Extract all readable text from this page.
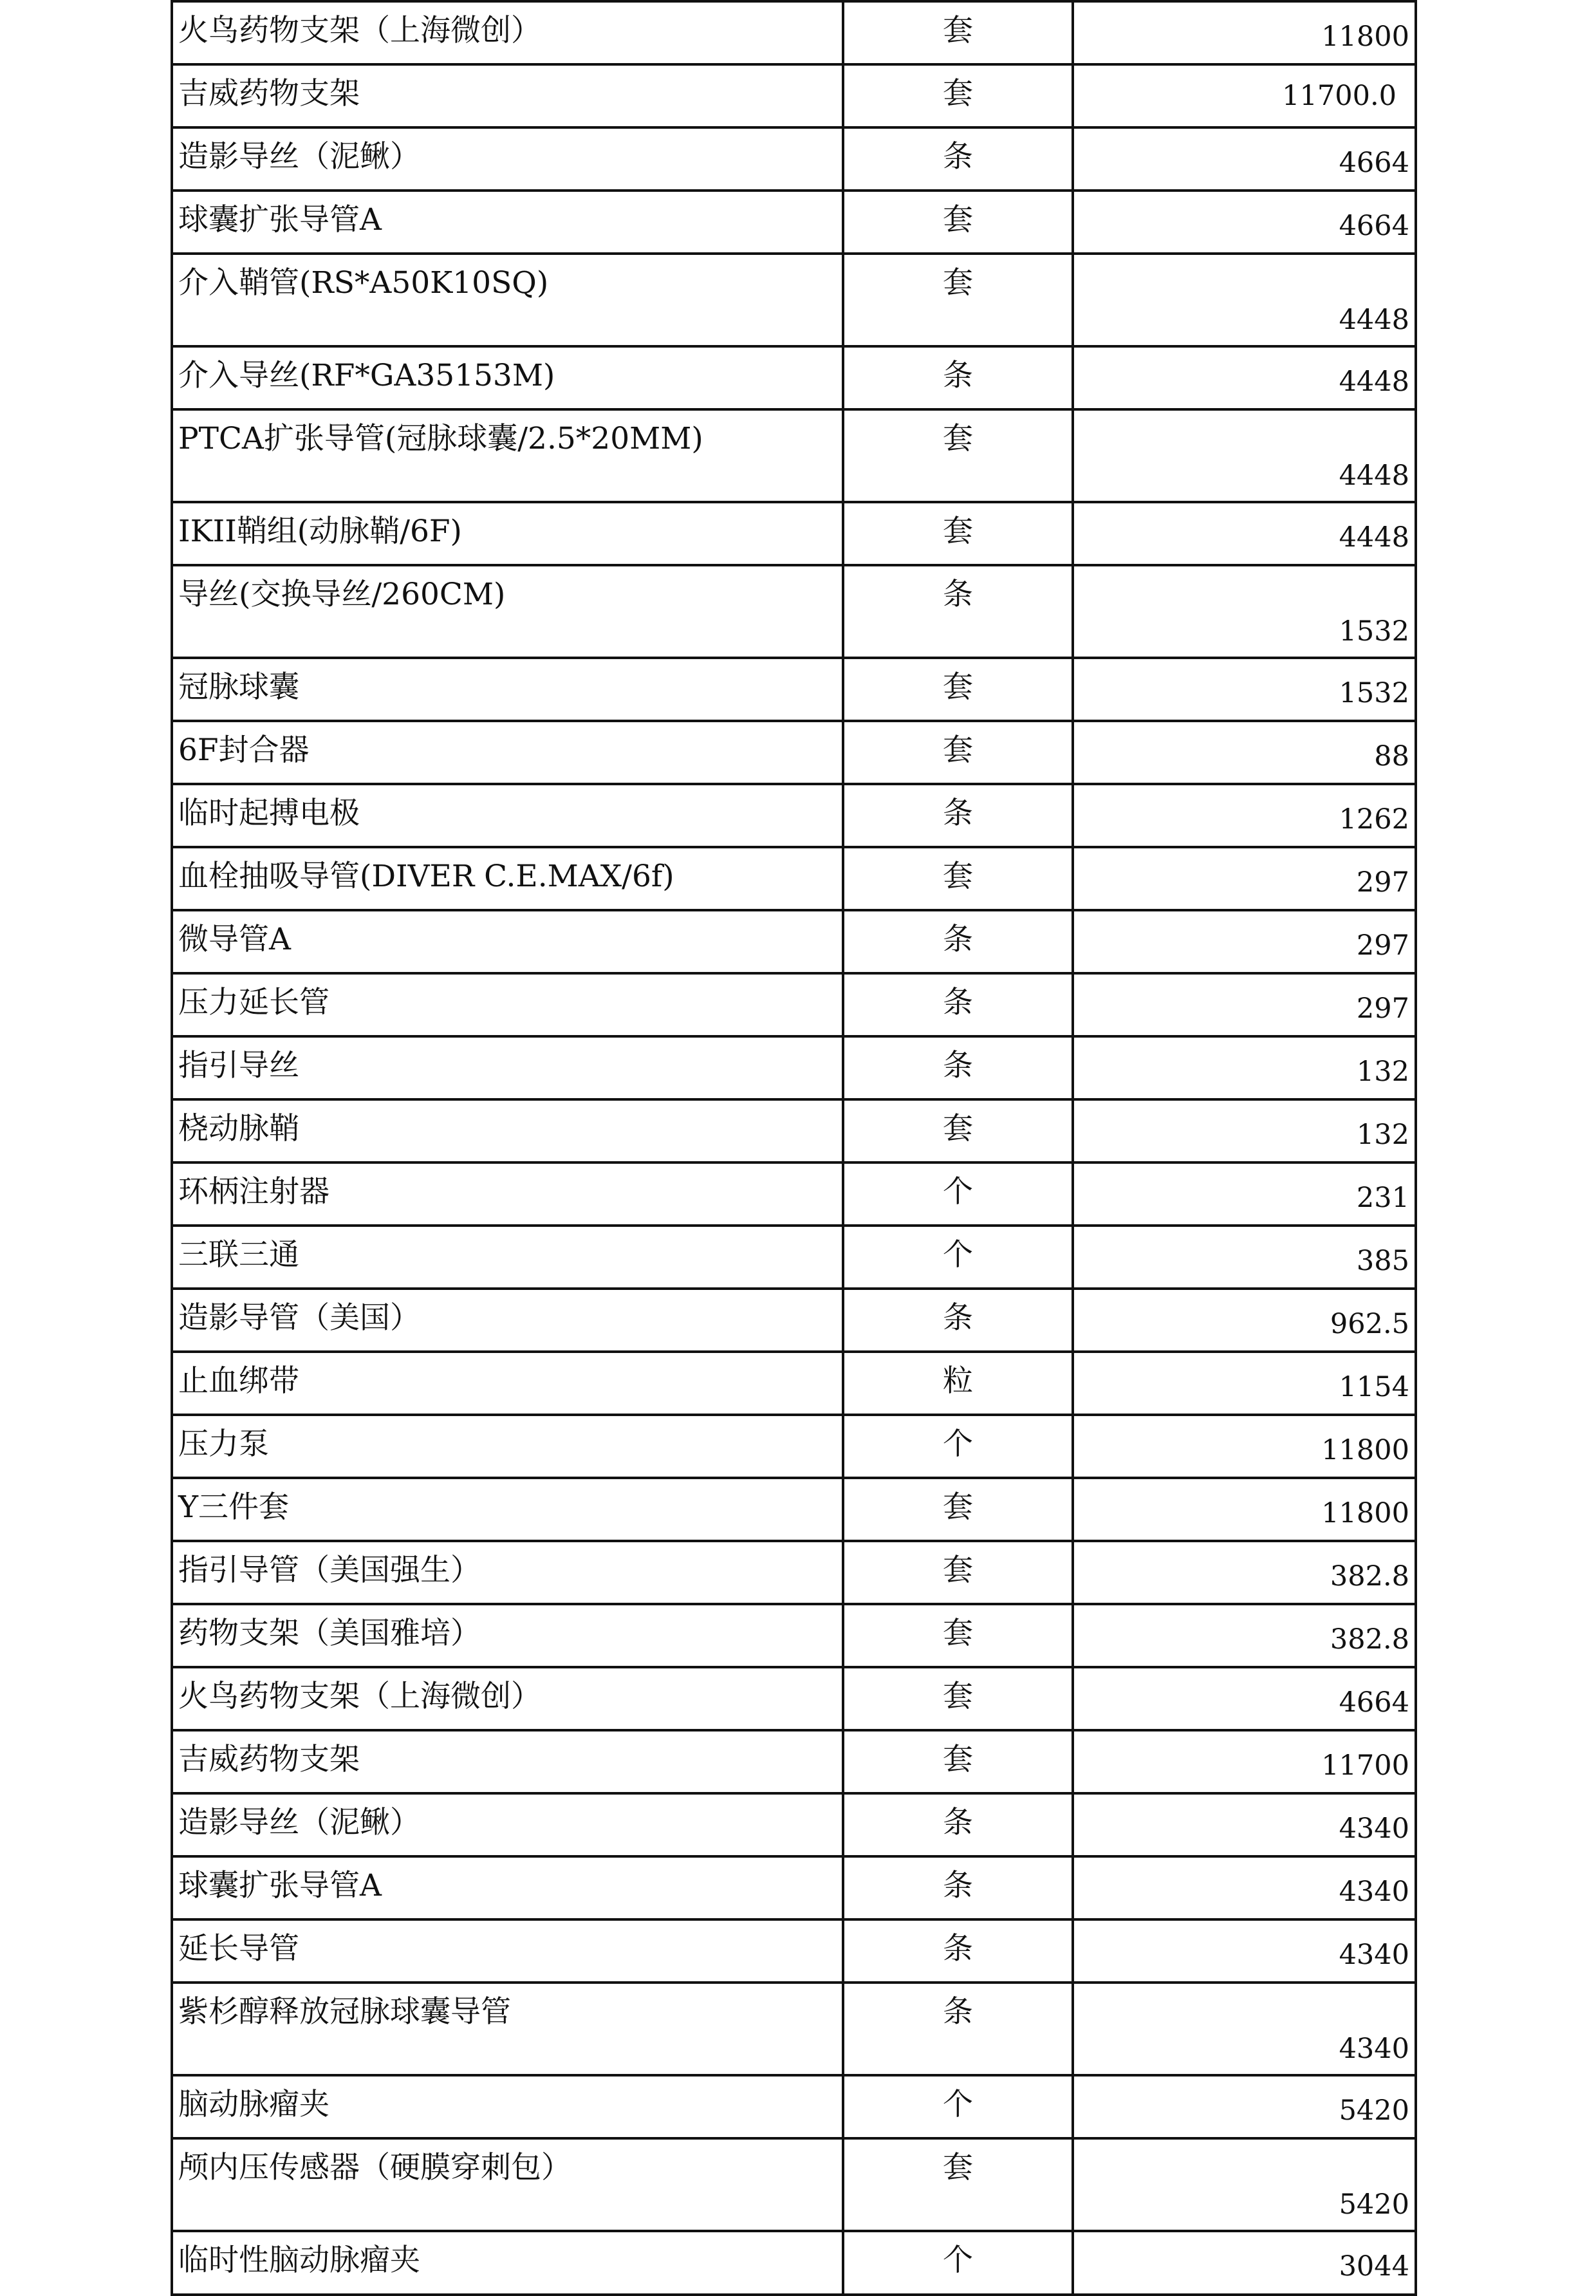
火鸟药物支架（上海微创）	套	11800

吉威药物支架	套	11700.0

造影导丝（泥鳅）	条	4664

球囊扩张导管A	套	4664

介入鞘管(RS*A50K10SQ)	套	4448

介入导丝(RF*GA35153M)	条	4448

PTCA扩张导管(冠脉球囊/2.5*20MM)	套	4448

IKII鞘组(动脉鞘/6F)	套	4448

导丝(交换导丝/260CM)	条	1532

冠脉球囊	套	1532

6F封合器	套	88

临时起搏电极	条	1262

血栓抽吸导管(DIVER C.E.MAX/6f)	套	297

微导管A	条	297

压力延长管	条	297

指引导丝	条	132

桡动脉鞘	套	132

环柄注射器	个	231

三联三通	个	385

造影导管（美国）	条	962.5

止血绑带	粒	1154

压力泵	个	11800

Y三件套	套	11800

指引导管（美国强生）	套	382.8

药物支架（美国雅培）	套	382.8

火鸟药物支架（上海微创）	套	4664

吉威药物支架	套	11700

造影导丝（泥鳅）	条	4340

球囊扩张导管A	条	4340

延长导管	条	4340

紫杉醇释放冠脉球囊导管	条	4340

脑动脉瘤夹	个	5420

颅内压传感器（硬膜穿刺包）	套	5420

临时性脑动脉瘤夹	个	3044
